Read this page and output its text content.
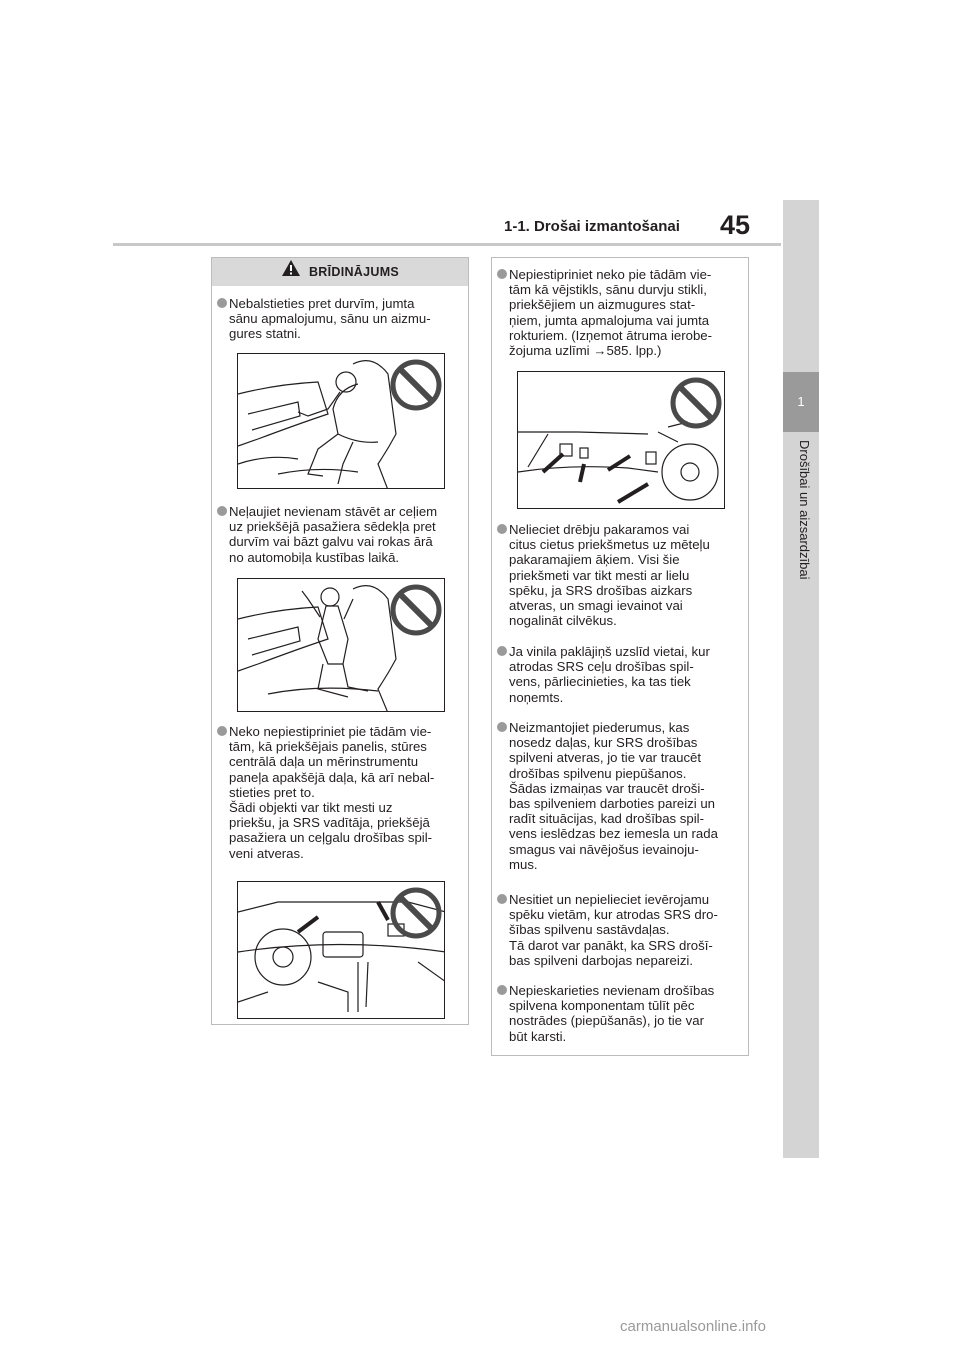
1-1. Drošai izmantošanai 45
1
Drošībai un aizsardzībai
BRĪDINĀJUMS
Nebalstieties pret durvīm, jumta
sānu apmalojumu, sānu un aizmu-
gures statni.
Neļaujiet nevienam stāvēt ar ceļiem
uz priekšējā pasažiera sēdekļa pret
durvīm vai bāzt galvu vai rokas ārā
no automobiļa kustības laikā.
Neko nepiestipriniet pie tādām vie-
tām, kā priekšējais panelis, stūres
centrālā daļa un mērinstrumentu
paneļa apakšējā daļa, kā arī nebal-
stieties pret to.
Šādi objekti var tikt mesti uz
priekšu, ja SRS vadītāja, priekšējā
pasažiera un ceļgalu drošības spil-
veni atveras.
Nepiestipriniet neko pie tādām vie-
tām kā vējstikls, sānu durvju stikli,
priekšējiem un aizmugures stat-
ņiem, jumta apmalojuma vai jumta
rokturiem. (Izņemot ātruma ierobe-
žojuma uzlīmi →585. lpp.)
Nelieciet drēbju pakaramos vai
citus cietus priekšmetus uz mēteļu
pakaramajiem āķiem. Visi šie
priekšmeti var tikt mesti ar lielu
spēku, ja SRS drošības aizkars
atveras, un smagi ievainot vai
nogalināt cilvēkus.
Ja vinila paklājiņš uzslīd vietai, kur
atrodas SRS ceļu drošības spil-
vens, pārliecinieties, ka tas tiek
noņemts.
Neizmantojiet piederumus, kas
nosedz daļas, kur SRS drošības
spilveni atveras, jo tie var traucēt
drošības spilvenu piepūšanos.
Šādas izmaiņas var traucēt droši-
bas spilveniem darboties pareizi un
radīt situācijas, kad drošības spil-
vens ieslēdzas bez iemesla un rada
smagus vai nāvējošus ievainoju-
mus.
Nesitiet un nepielieciet ievērojamu
spēku vietām, kur atrodas SRS dro-
šības spilvenu sastāvdaļas.
Tā darot var panākt, ka SRS drošī-
bas spilveni darbojas nepareizi.
Nepieskarieties nevienam drošības
spilvena komponentam tūlīt pēc
nostrādes (piepūšanās), jo tie var
būt karsti.
carmanualsonline.info
